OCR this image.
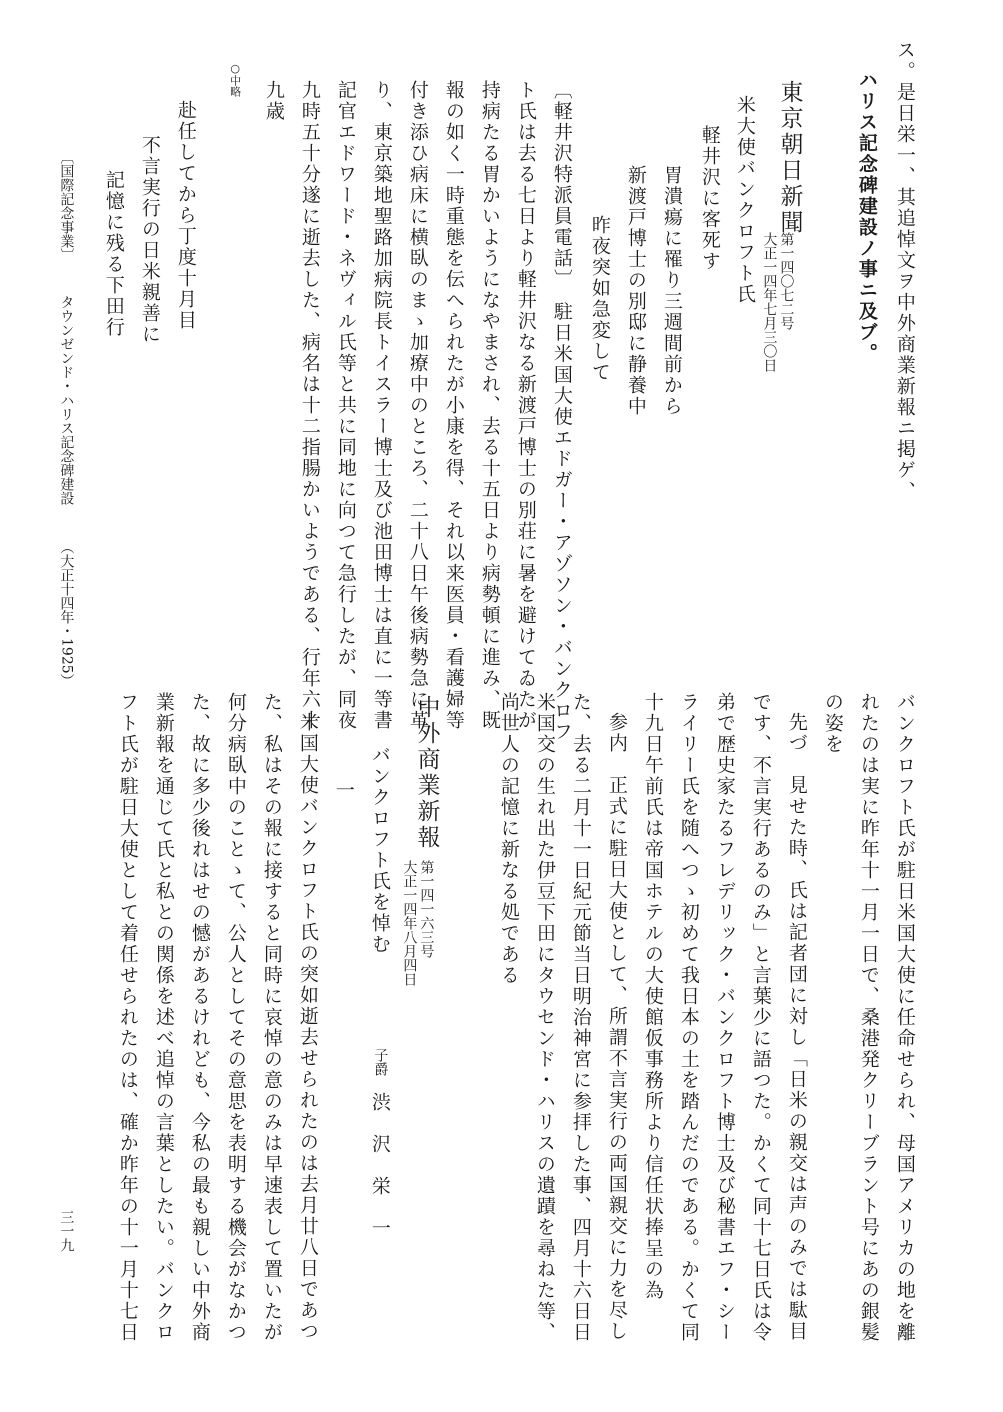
ス。是日栄一、其追悼文ヲ中外商業新報ニ掲ゲ、
ハリス記念碑建設ノ事ニ及ブ。
東京朝日新聞
第一四〇七二号
大正一四年七月三〇日
米大使バンクロフト氏
軽井沢に客死す
胃潰瘍に罹り三週間前から
新渡戸博士の別邸に静養中
昨夜突如急変して
〔軽井沢特派員電話〕　駐日米国大使エドガー・アゾソン・バンクロフ
ト氏は去る七日より軽井沢なる新渡戸博士の別荘に暑を避けてゐたが
持病たる胃かいようになやまされ、去る十五日より病勢頓に進み、既
報の如く一時重態を伝へられたが小康を得、それ以来医員・看護婦等
付き添ひ病床に横臥のまゝ加療中のところ、二十八日午後病勢急に革
り、東京築地聖路加病院長トイスラー博士及び池田博士は直に一等書
記官エドワード・ネヴィル氏等と共に同地に向つて急行したが、同夜
九時五十分遂に逝去した、病名は十二指腸かいようである、行年六十
九歳
○中略
赴任してから丁度十月目
不言実行の日米親善に
記憶に残る下田行
〔国際記念事業〕
タウンゼンド・ハリス記念碑建設
（大正十四年・1925）
バンクロフト氏が駐日米国大使に任命せられ、母国アメリカの地を離
れたのは実に昨年十一月一日で、桑港発クリーブラント号にあの銀髪
の姿を
先づ　見せた時、氏は記者団に対し「日米の親交は声のみでは駄目
です、不言実行あるのみ」と言葉少に語つた。かくて同十七日氏は令
弟で歴史家たるフレデリック・バンクロフト博士及び秘書エフ・シー
ライリー氏を随へつゝ初めて我日本の土を踏んだのである。かくて同
十九日午前氏は帝国ホテルの大使館仮事務所より信任状捧呈の為
参内　正式に駐日大使として、所謂不言実行の両国親交に力を尽し
た、去る二月十一日紀元節当日明治神宮に参拝した事、四月十六日日
米国交の生れ出た伊豆下田にタウセンド・ハリスの遺蹟を尋ねた等、
尚世人の記憶に新なる処である
中外商業新報
第一四一六三号
大正一四年八月四日
バンクロフト氏を悼む
子爵
渋　沢　栄　一
一
米国大使バンクロフト氏の突如逝去せられたのは去月廿八日であつ
た、私はその報に接すると同時に哀悼の意のみは早速表して置いたが
何分病臥中のことゝて、公人としてその意思を表明する機会がなかつ
た、故に多少後れはせの憾があるけれども、今私の最も親しい中外商
業新報を通じて氏と私との関係を述べ追悼の言葉としたい。バンクロ
フト氏が駐日大使として着任せられたのは、確か昨年の十一月十七日
三一九
